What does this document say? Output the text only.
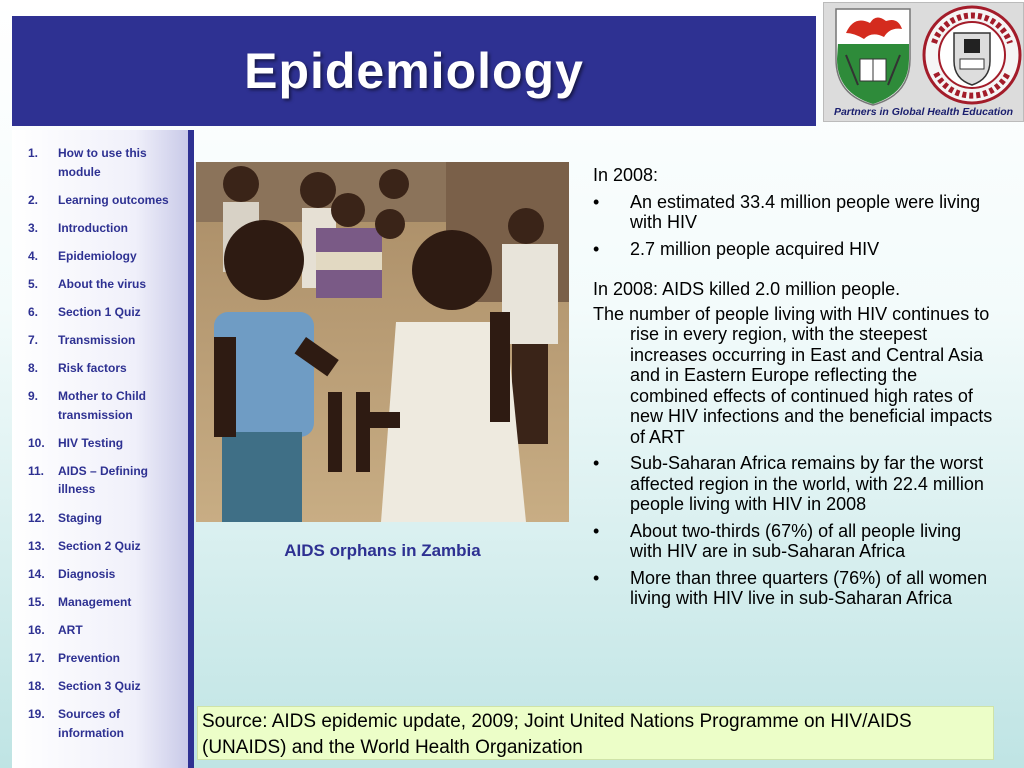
Epidemiology
Partners in Global Health Education
1.	How to use this module
2.	Learning outcomes
3.	Introduction
4.	Epidemiology
5.	About the virus
6.	Section 1 Quiz
7.	Transmission
8.	Risk factors
9.	Mother to Child transmission
10.	HIV Testing
11.	AIDS – Defining illness
12.	Staging
13.	Section 2 Quiz
14.	Diagnosis
15.	Management
16.	ART
17.	Prevention
18.	Section 3 Quiz
19.	Sources of information
AIDS orphans in Zambia

In 2008:

•	An estimated 33.4 million people were living with HIV
•	2.7 million people acquired HIV

In 2008: AIDS killed 2.0 million people.

The number of people living with HIV continues to rise in every region, with the steepest increases occurring in East and Central Asia and in Eastern Europe reflecting the combined effects of continued high rates of new HIV infections and the beneficial impacts of ART

•	Sub-Saharan Africa remains by far the worst affected region in the world, with 22.4 million people living with HIV in 2008
•	About two-thirds (67%) of all people living with HIV are in sub-Saharan Africa
•	More than three quarters (76%) of all women living with HIV live in sub-Saharan Africa
Source: AIDS epidemic update, 2009; Joint United Nations Programme on HIV/AIDS (UNAIDS) and the World Health Organization
